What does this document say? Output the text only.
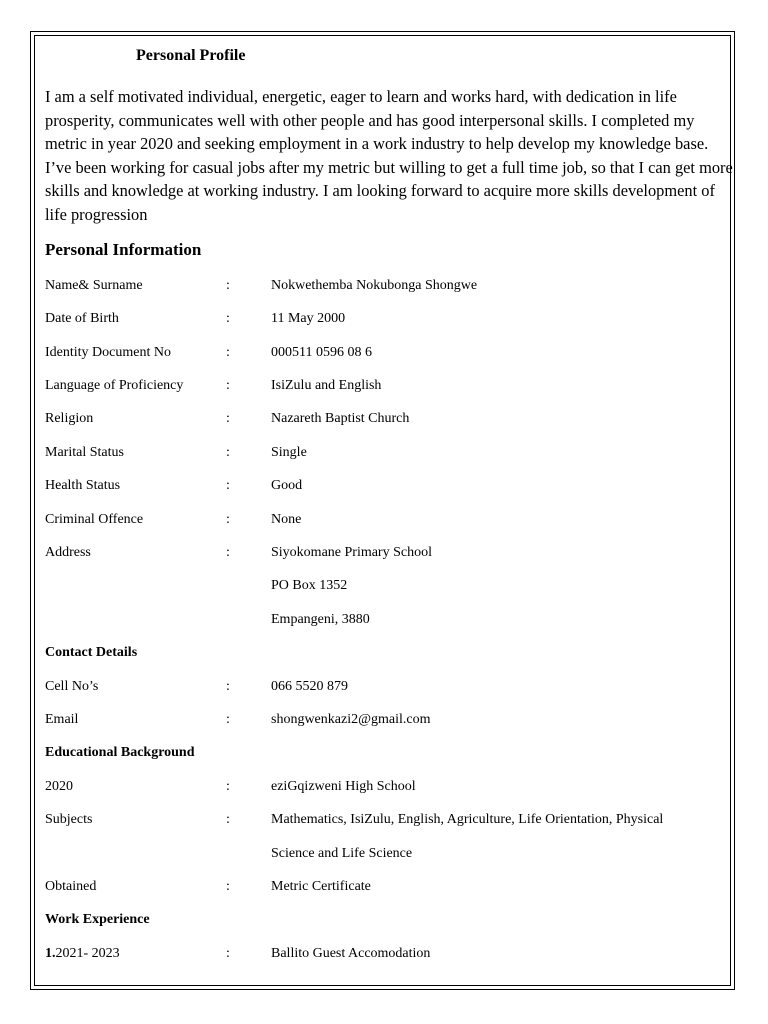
Personal Profile

I am a self motivated individual, energetic, eager to learn and works hard, with dedication in life prosperity, communicates well with other people and has good interpersonal skills. I completed my metric in year 2020 and seeking employment in a work industry to help develop my knowledge base. I’ve been working for casual jobs after my metric but willing to get a full time job, so that I can get more skills and knowledge at working industry. I am looking forward to acquire more skills development of life progression

Personal Information
Name& Surname	:	Nokwethemba Nokubonga Shongwe
Date of Birth	:	11 May 2000
Identity Document No	:	000511 0596 08 6
Language of Proficiency	:	IsiZulu and English
Religion	:	Nazareth Baptist Church
Marital Status	:	Single
Health Status	:	Good
Criminal Offence	:	None
Address	:	Siyokomane Primary School
PO Box 1352
Empangeni, 3880
Contact Details
Cell No’s	:	066 5520 879
Email	:	shongwenkazi2@gmail.com
Educational Background
2020	:	eziGqizweni High School
Subjects	:	Mathematics, IsiZulu, English, Agriculture, Life Orientation, Physical
Science and Life Science
Obtained	:	Metric Certificate
Work Experience
1.2021- 2023	:	Ballito Guest Accomodation
